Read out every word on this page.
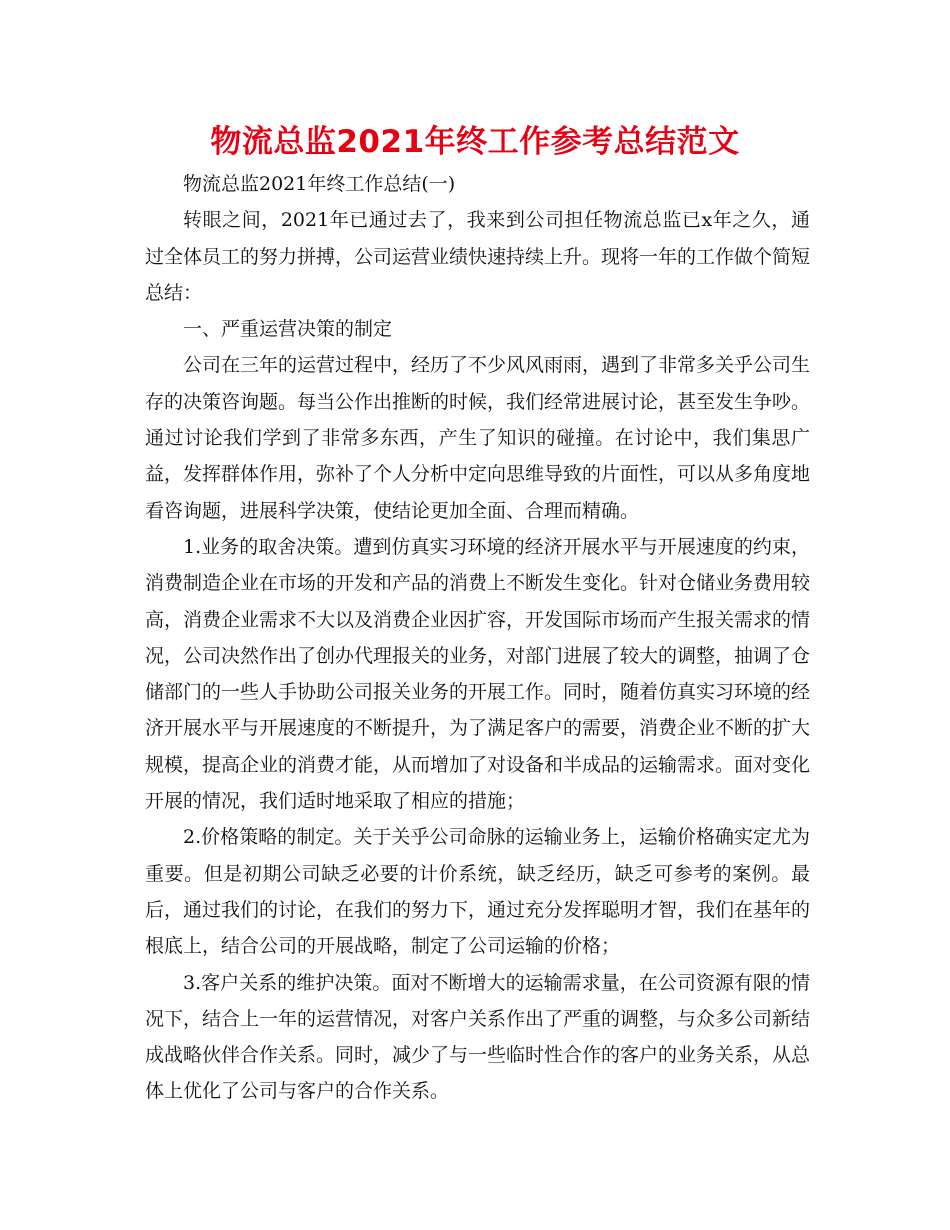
物流总监2021年终工作参考总结范文

物流总监2021年终工作总结(一)

转眼之间，2021年已通过去了，我来到公司担任物流总监已x年之久，通过全体员工的努力拼搏，公司运营业绩快速持续上升。现将一年的工作做个简短总结：

一、严重运营决策的制定

公司在三年的运营过程中，经历了不少风风雨雨，遇到了非常多关乎公司生存的决策咨询题。每当公作出推断的时候，我们经常进展讨论，甚至发生争吵。通过讨论我们学到了非常多东西，产生了知识的碰撞。在讨论中，我们集思广益，发挥群体作用，弥补了个人分析中定向思维导致的片面性，可以从多角度地看咨询题，进展科学决策，使结论更加全面、合理而精确。

1.业务的取舍决策。遭到仿真实习环境的经济开展水平与开展速度的约束，消费制造企业在市场的开发和产品的消费上不断发生变化。针对仓储业务费用较高，消费企业需求不大以及消费企业因扩容，开发国际市场而产生报关需求的情况，公司决然作出了创办代理报关的业务，对部门进展了较大的调整，抽调了仓储部门的一些人手协助公司报关业务的开展工作。同时，随着仿真实习环境的经济开展水平与开展速度的不断提升，为了满足客户的需要，消费企业不断的扩大规模，提高企业的消费才能，从而增加了对设备和半成品的运输需求。面对变化开展的情况，我们适时地采取了相应的措施；

2.价格策略的制定。关于关乎公司命脉的运输业务上，运输价格确实定尤为重要。但是初期公司缺乏必要的计价系统，缺乏经历，缺乏可参考的案例。最后，通过我们的讨论，在我们的努力下，通过充分发挥聪明才智，我们在基年的根底上，结合公司的开展战略，制定了公司运输的价格；

3.客户关系的维护决策。面对不断增大的运输需求量，在公司资源有限的情况下，结合上一年的运营情况，对客户关系作出了严重的调整，与众多公司新结成战略伙伴合作关系。同时，减少了与一些临时性合作的客户的业务关系，从总体上优化了公司与客户的合作关系。
